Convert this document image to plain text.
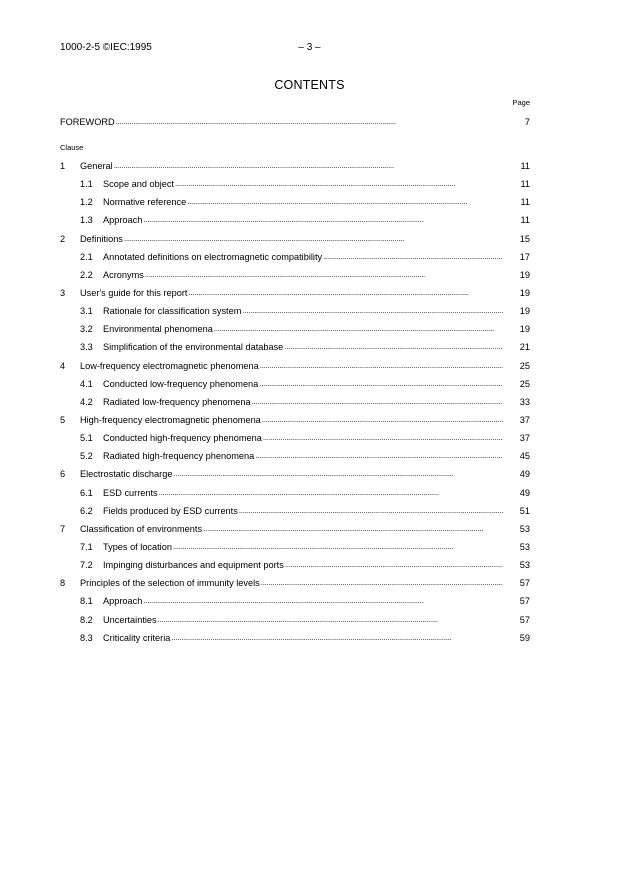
1000-2-5 ©IEC:1995	– 3 –
CONTENTS
Page
FOREWORD . . .	7
Clause
1	General . . .	11
1.1	Scope and object . . .	11
1.2	Normative reference . . .	11
1.3	Approach . . .	11
2	Definitions . . .	15
2.1	Annotated definitions on electromagnetic compatibility . . .	17
2.2	Acronyms . . .	19
3	User's guide for this report . . .	19
3.1	Rationale for classification system . . .	19
3.2	Environmental phenomena . . .	19
3.3	Simplification of the environmental database . . .	21
4	Low-frequency electromagnetic phenomena . . .	25
4.1	Conducted low-frequency phenomena . . .	25
4.2	Radiated low-frequency phenomena . . .	33
5	High-frequency electromagnetic phenomena . . .	37
5.1	Conducted high-frequency phenomena . . .	37
5.2	Radiated high-frequency phenomena . . .	45
6	Electrostatic discharge . . .	49
6.1	ESD currents . . .	49
6.2	Fields produced by ESD currents . . .	51
7	Classification of environments . . .	53
7.1	Types of location . . .	53
7.2	Impinging disturbances and equipment ports . . .	53
8	Principles of the selection of immunity levels . . .	57
8.1	Approach . . .	57
8.2	Uncertainties . . .	57
8.3	Criticality criteria . . .	59
